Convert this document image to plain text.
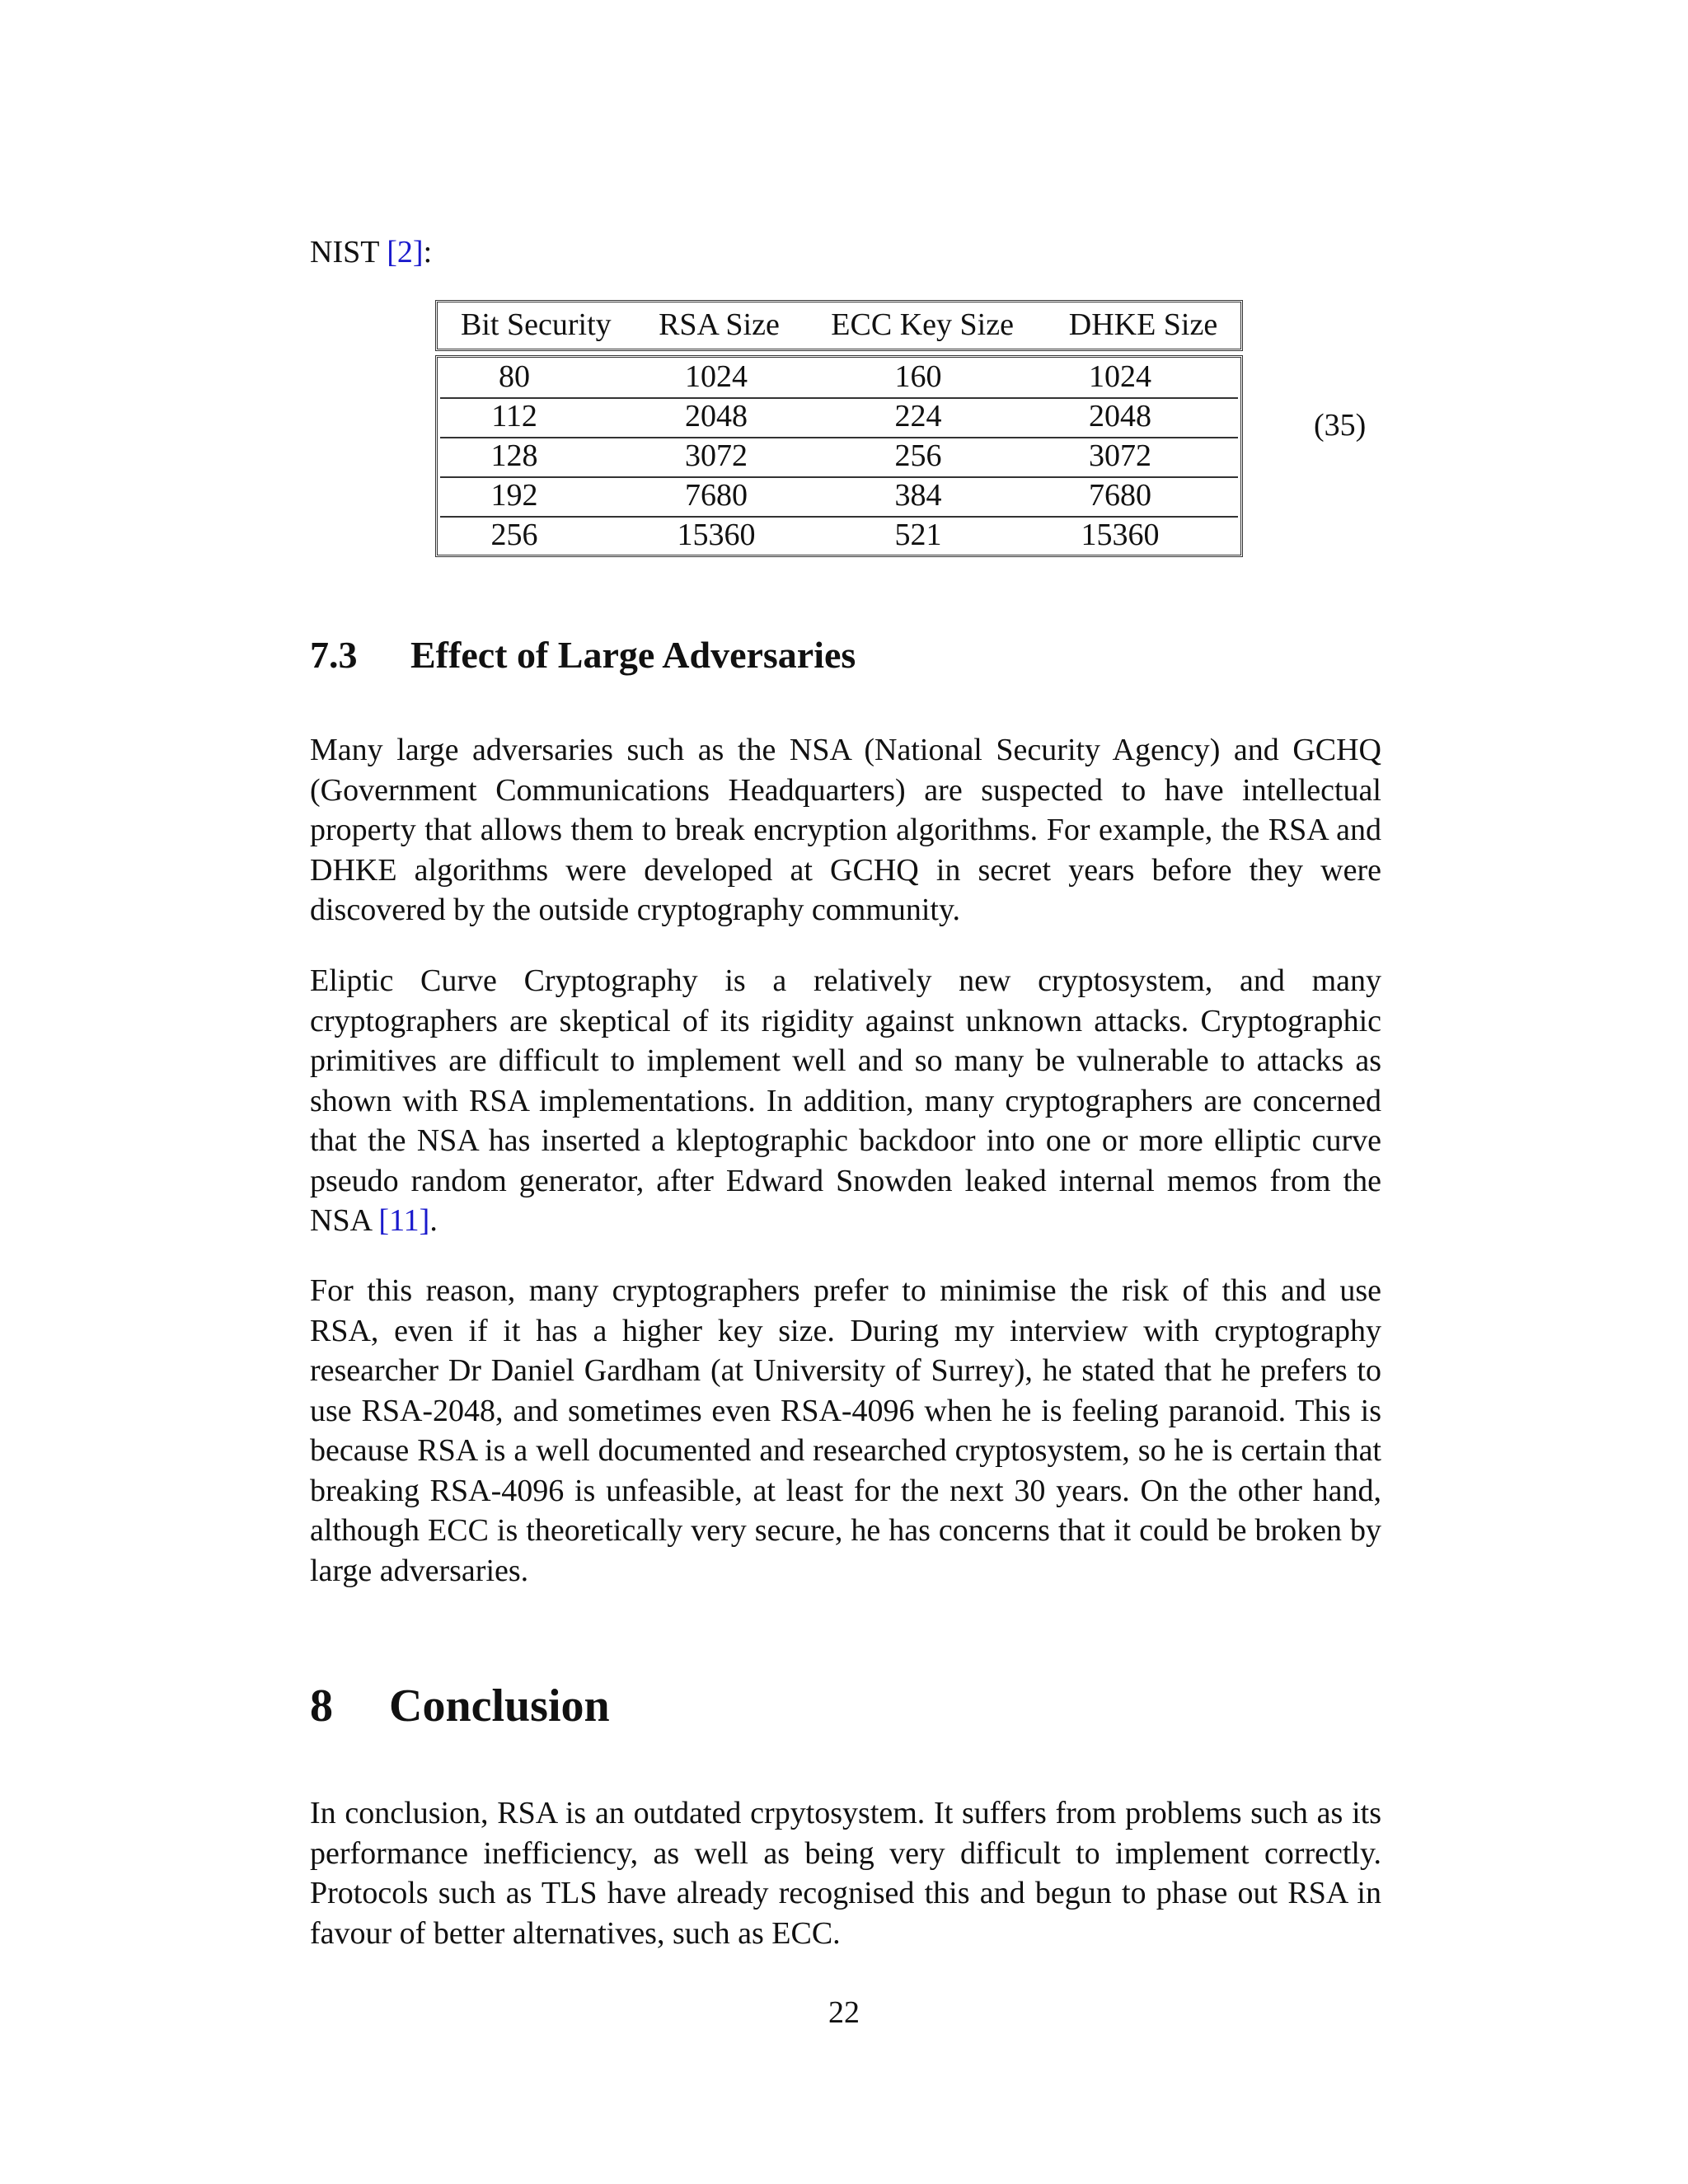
NIST [2]:
Bit Security	RSA Size	ECC Key Size	DHKE Size
80	1024	160	1024
112	2048	224	2048
128	3072	256	3072
192	7680	384	7680
256	15360	521	15360
(35)
7.3 Effect of Large Adversaries

Many large adversaries such as the NSA (National Security Agency) and GCHQ (Government Communications Headquarters) are suspected to have intellectual property that allows them to break encryption algorithms. For example, the RSA and DHKE algorithms were developed at GCHQ in secret years before they were discovered by the outside cryptography community.

Eliptic Curve Cryptography is a relatively new cryptosystem, and many cryptographers are skeptical of its rigidity against unknown attacks. Cryptographic primitives are difficult to implement well and so many be vulnerable to attacks as shown with RSA implementations. In addition, many cryptographers are concerned that the NSA has inserted a kleptographic backdoor into one or more elliptic curve pseudo random generator, after Edward Snowden leaked internal memos from the NSA [11].

For this reason, many cryptographers prefer to minimise the risk of this and use RSA, even if it has a higher key size. During my interview with cryptography researcher Dr Daniel Gardham (at University of Surrey), he stated that he prefers to use RSA-2048, and sometimes even RSA-4096 when he is feeling paranoid. This is because RSA is a well documented and researched cryptosystem, so he is certain that breaking RSA-4096 is unfeasible, at least for the next 30 years. On the other hand, although ECC is theoretically very secure, he has concerns that it could be broken by large adversaries.

8 Conclusion

In conclusion, RSA is an outdated crpytosystem. It suffers from problems such as its performance inefficiency, as well as being very difficult to implement correctly. Protocols such as TLS have already recognised this and begun to phase out RSA in favour of better alternatives, such as ECC.

22
